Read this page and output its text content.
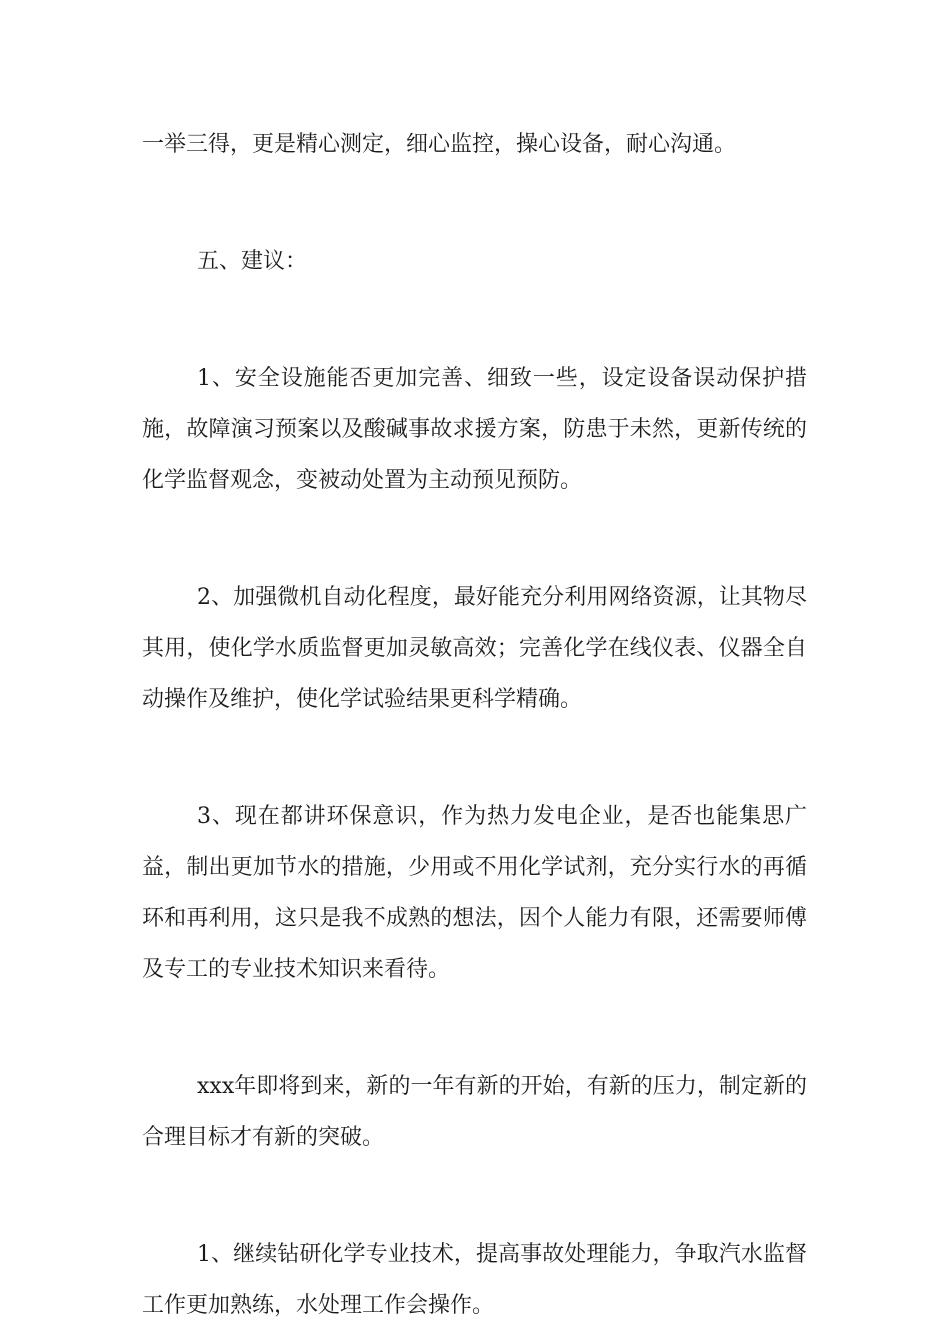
一举三得，更是精心测定，细心监控，操心设备，耐心沟通。

五、建议：

1、安全设施能否更加完善、细致一些，设定设备误动保护措施，故障演习预案以及酸碱事故求援方案，防患于未然，更新传统的化学监督观念，变被动处置为主动预见预防。

2、加强微机自动化程度，最好能充分利用网络资源，让其物尽其用，使化学水质监督更加灵敏高效；完善化学在线仪表、仪器全自动操作及维护，使化学试验结果更科学精确。

3、现在都讲环保意识，作为热力发电企业，是否也能集思广益，制出更加节水的措施，少用或不用化学试剂，充分实行水的再循环和再利用，这只是我不成熟的想法，因个人能力有限，还需要师傅及专工的专业技术知识来看待。

xxx年即将到来，新的一年有新的开始，有新的压力，制定新的合理目标才有新的突破。

1、继续钻研化学专业技术，提高事故处理能力，争取汽水监督工作更加熟练，水处理工作会操作。
